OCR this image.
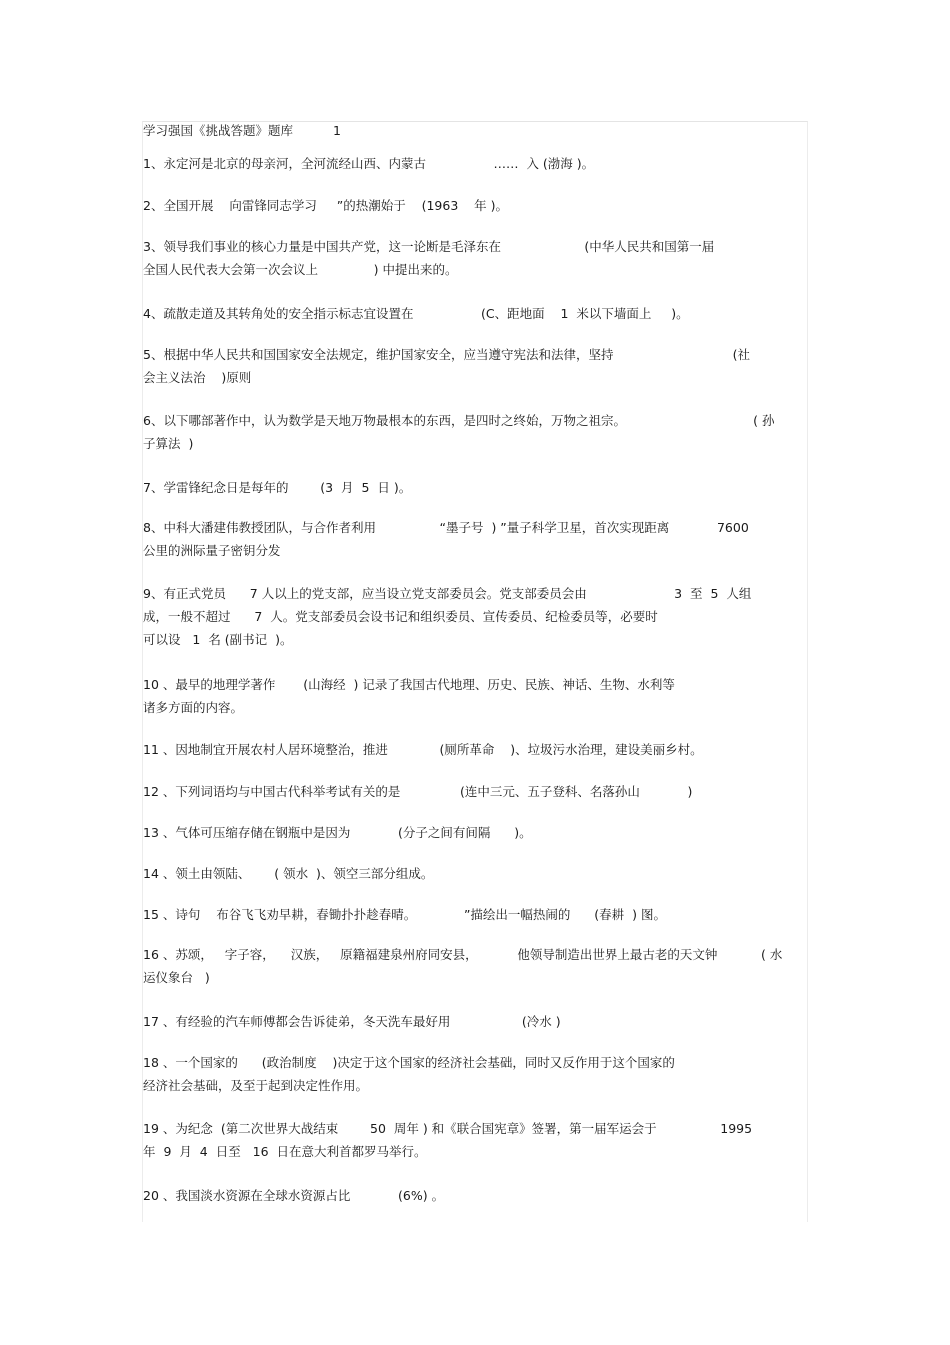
学习强国《挑战答题》题库	1
1、永定河是北京的母亲河，全河流经山西、内蒙古                 ……  入 (渤海 )。
2、全国开展    向雷锋同志学习     ”的热潮始于    (1963    年 )。
3、领导我们事业的核心力量是中国共产党，这一论断是毛泽东在                     (中华人民共和国第一届
全国人民代表大会第一次会议上              ) 中提出来的。
4、疏散走道及其转角处的安全指示标志宜设置在                 (C、距地面    1  米以下墙面上     )。
5、根据中华人民共和国国家安全法规定，维护国家安全，应当遵守宪法和法律，坚持                              (社
会主义法治    )原则
6、以下哪部著作中，认为数学是天地万物最根本的东西，是四时之终始，万物之祖宗。                                ( 孙
子算法  )
7、学雷锋纪念日是每年的        (3  月  5  日 )。
8、中科大潘建伟教授团队，与合作者利用                “墨子号  ) ”量子科学卫星，首次实现距离            7600
公里的洲际量子密钥分发
9、有正式党员      7 人以上的党支部，应当设立党支部委员会。党支部委员会由                      3  至  5  人组
成，一般不超过      7  人。党支部委员会设书记和组织委员、宣传委员、纪检委员等，必要时
可以设   1  名 (副书记  )。
10 、最早的地理学著作       (山海经  ) 记录了我国古代地理、历史、民族、神话、生物、水利等
诸多方面的内容。
11 、因地制宜开展农村人居环境整治，推进             (厕所革命    )、垃圾污水治理，建设美丽乡村。
12 、下列词语均与中国古代科举考试有关的是               (连中三元、五子登科、名落孙山            )
13 、气体可压缩存储在钢瓶中是因为            (分子之间有间隔      )。
14 、领土由领陆、      ( 领水  )、领空三部分组成。
15 、诗句    布谷飞飞劝早耕，春锄扑扑趁春晴。            ”描绘出一幅热闹的      (春耕  ) 图。
16 、苏颂，   字子容，    汉族，   原籍福建泉州府同安县，          他领导制造出世界上最古老的天文钟           ( 水
运仪象台   )
17 、有经验的汽车师傅都会告诉徒弟，冬天洗车最好用                  (冷水 )
18 、一个国家的      (政治制度    )决定于这个国家的经济社会基础，同时又反作用于这个国家的
经济社会基础，及至于起到决定性作用。
19 、为纪念  (第二次世界大战结束        50  周年 ) 和《联合国宪章》签署，第一届军运会于                1995
年  9  月  4  日至   16  日在意大利首都罗马举行。
20 、我国淡水资源在全球水资源占比            (6%) 。
